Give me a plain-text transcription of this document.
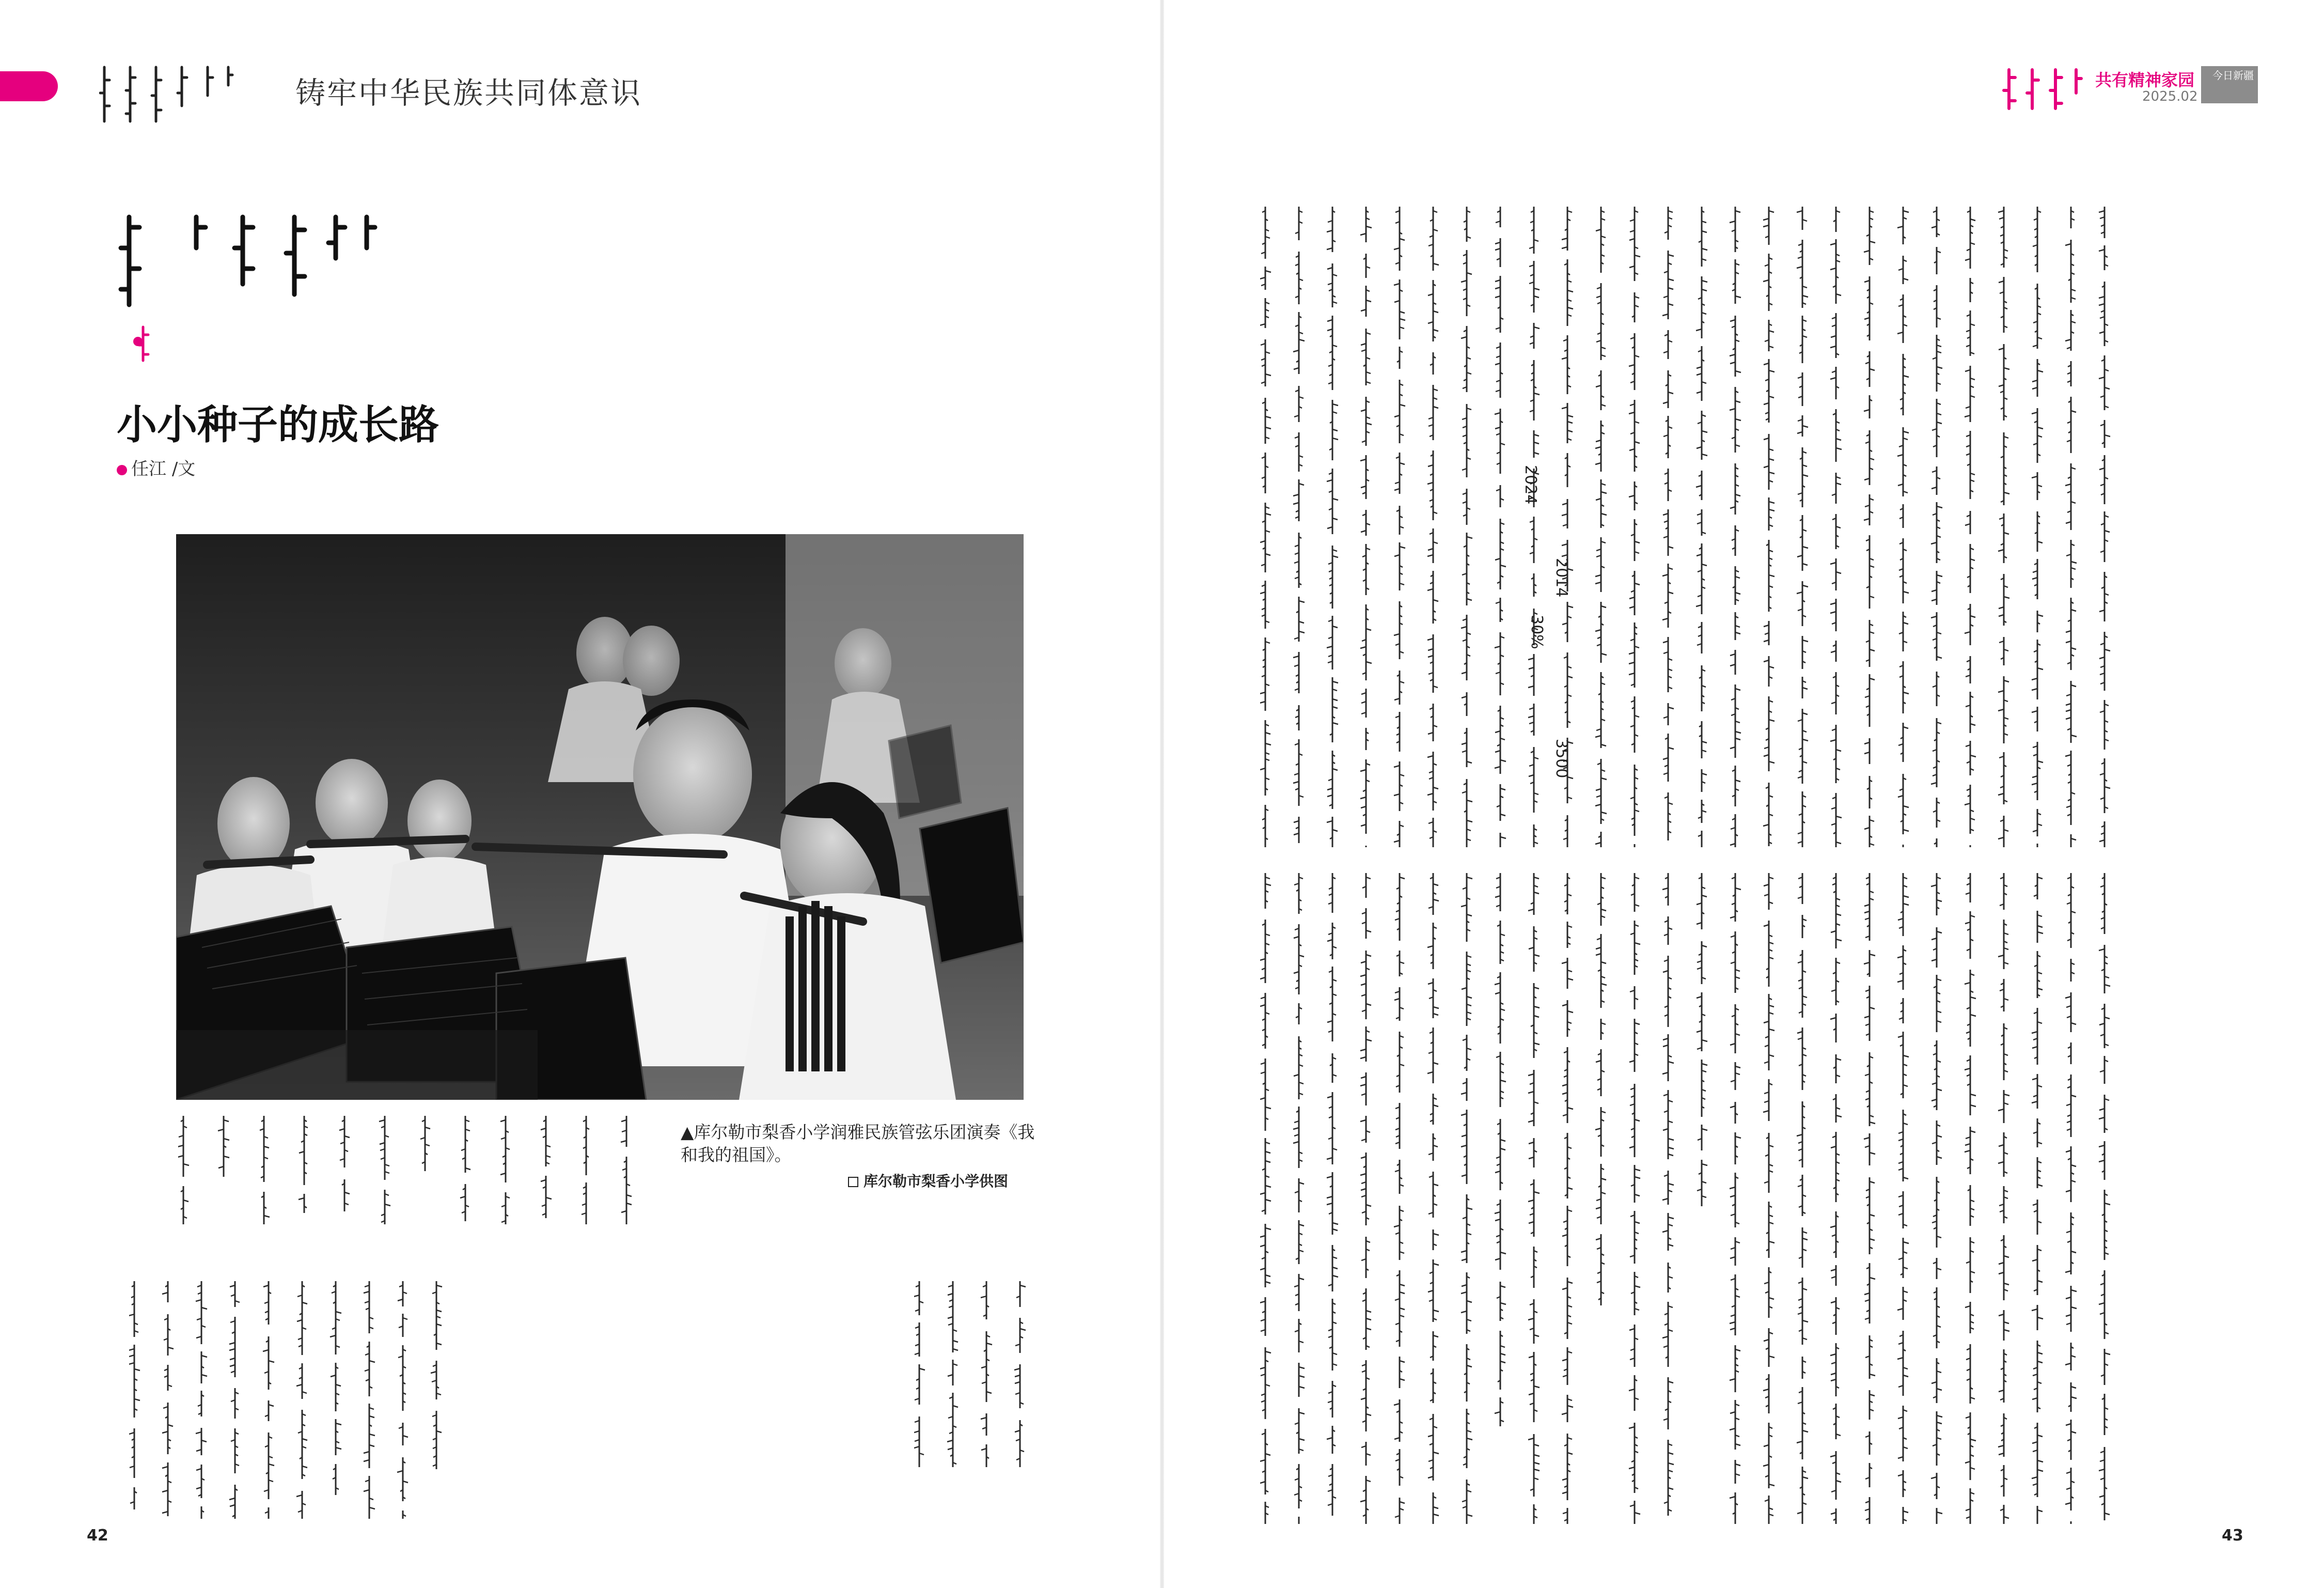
铸牢中华民族共同体意识	共有精神家园
2025.02
今日新疆
小小种子的成长路
任江 /文
▲库尔勒市梨香小学润雅民族管弦乐团演奏《我和我的祖国》。
库尔勒市梨香小学供图
2024
30%
3500
2014
42	43
